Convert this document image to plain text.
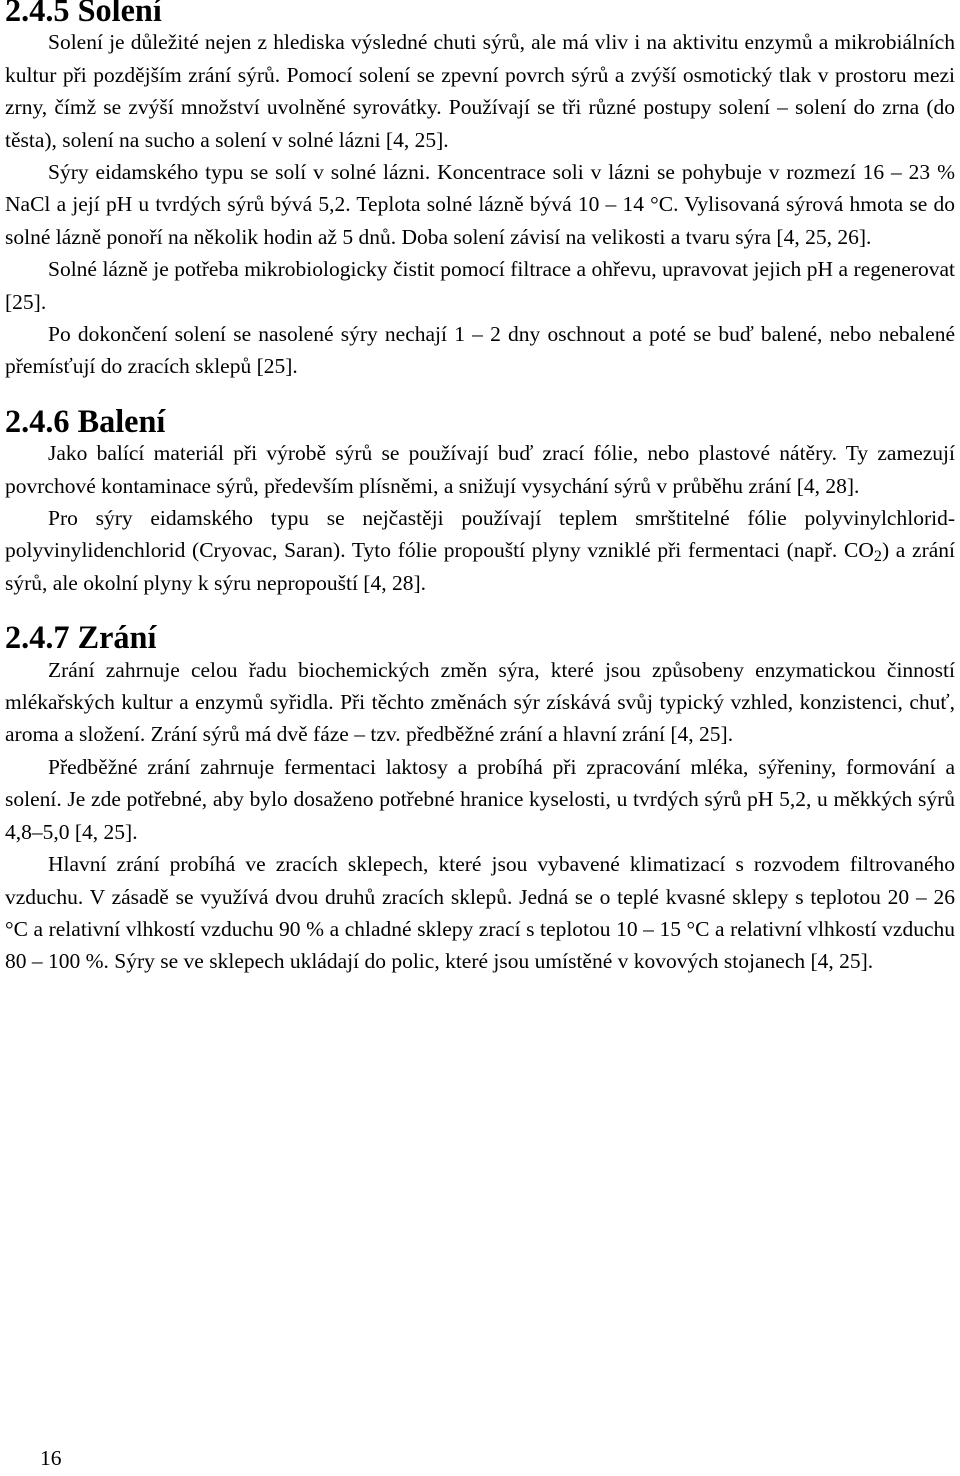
2.4.5 Solení

Solení je důležité nejen z hlediska výsledné chuti sýrů, ale má vliv i na aktivitu enzymů a mikrobiálních kultur při pozdějším zrání sýrů. Pomocí solení se zpevní povrch sýrů a zvýší osmotický tlak v prostoru mezi zrny, čímž se zvýší množství uvolněné syrovátky. Používají se tři různé postupy solení – solení do zrna (do těsta), solení na sucho a solení v solné lázni [4, 25].

Sýry eidamského typu se solí v solné lázni. Koncentrace soli v lázni se pohybuje v rozmezí 16 – 23 % NaCl a její pH u tvrdých sýrů bývá 5,2. Teplota solné lázně bývá 10 – 14 °C. Vylisovaná sýrová hmota se do solné lázně ponoří na několik hodin až 5 dnů. Doba solení závisí na velikosti a tvaru sýra [4, 25, 26].

Solné lázně je potřeba mikrobiologicky čistit pomocí filtrace a ohřevu, upravovat jejich pH a regenerovat [25].

Po dokončení solení se nasolené sýry nechají 1 – 2 dny oschnout a poté se buď balené, nebo nebalené přemísťují do zracích sklepů [25].

2.4.6 Balení

Jako balící materiál při výrobě sýrů se používají buď zrací fólie, nebo plastové nátěry. Ty zamezují povrchové kontaminace sýrů, především plísněmi, a snižují vysychání sýrů v průběhu zrání [4, 28].

Pro sýry eidamského typu se nejčastěji používají teplem smrštitelné fólie polyvinylchlorid-polyvinylidenchlorid (Cryovac, Saran). Tyto fólie propouští plyny vzniklé při fermentaci (např. $CO_2$) a zrání sýrů, ale okolní plyny k sýru nepropouští [4, 28].

2.4.7 Zrání

Zrání zahrnuje celou řadu biochemických změn sýra, které jsou způsobeny enzymatickou činností mlékařských kultur a enzymů syřidla. Při těchto změnách sýr získává svůj typický vzhled, konzistenci, chuť, aroma a složení. Zrání sýrů má dvě fáze – tzv. předběžné zrání a hlavní zrání [4, 25].

Předběžné zrání zahrnuje fermentaci laktosy a probíhá při zpracování mléka, sýřeniny, formování a solení. Je zde potřebné, aby bylo dosaženo potřebné hranice kyselosti, u tvrdých sýrů pH 5,2, u měkkých sýrů 4,8–5,0 [4, 25].

Hlavní zrání probíhá ve zracích sklepech, které jsou vybavené klimatizací s rozvodem filtrovaného vzduchu. V zásadě se využívá dvou druhů zracích sklepů. Jedná se o teplé kvasné sklepy s teplotou 20 – 26 °C a relativní vlhkostí vzduchu 90 % a chladné sklepy zrací s teplotou 10 – 15 °C a relativní vlhkostí vzduchu 80 – 100 %. Sýry se ve sklepech ukládají do polic, které jsou umístěné v kovových stojanech [4, 25].

16
